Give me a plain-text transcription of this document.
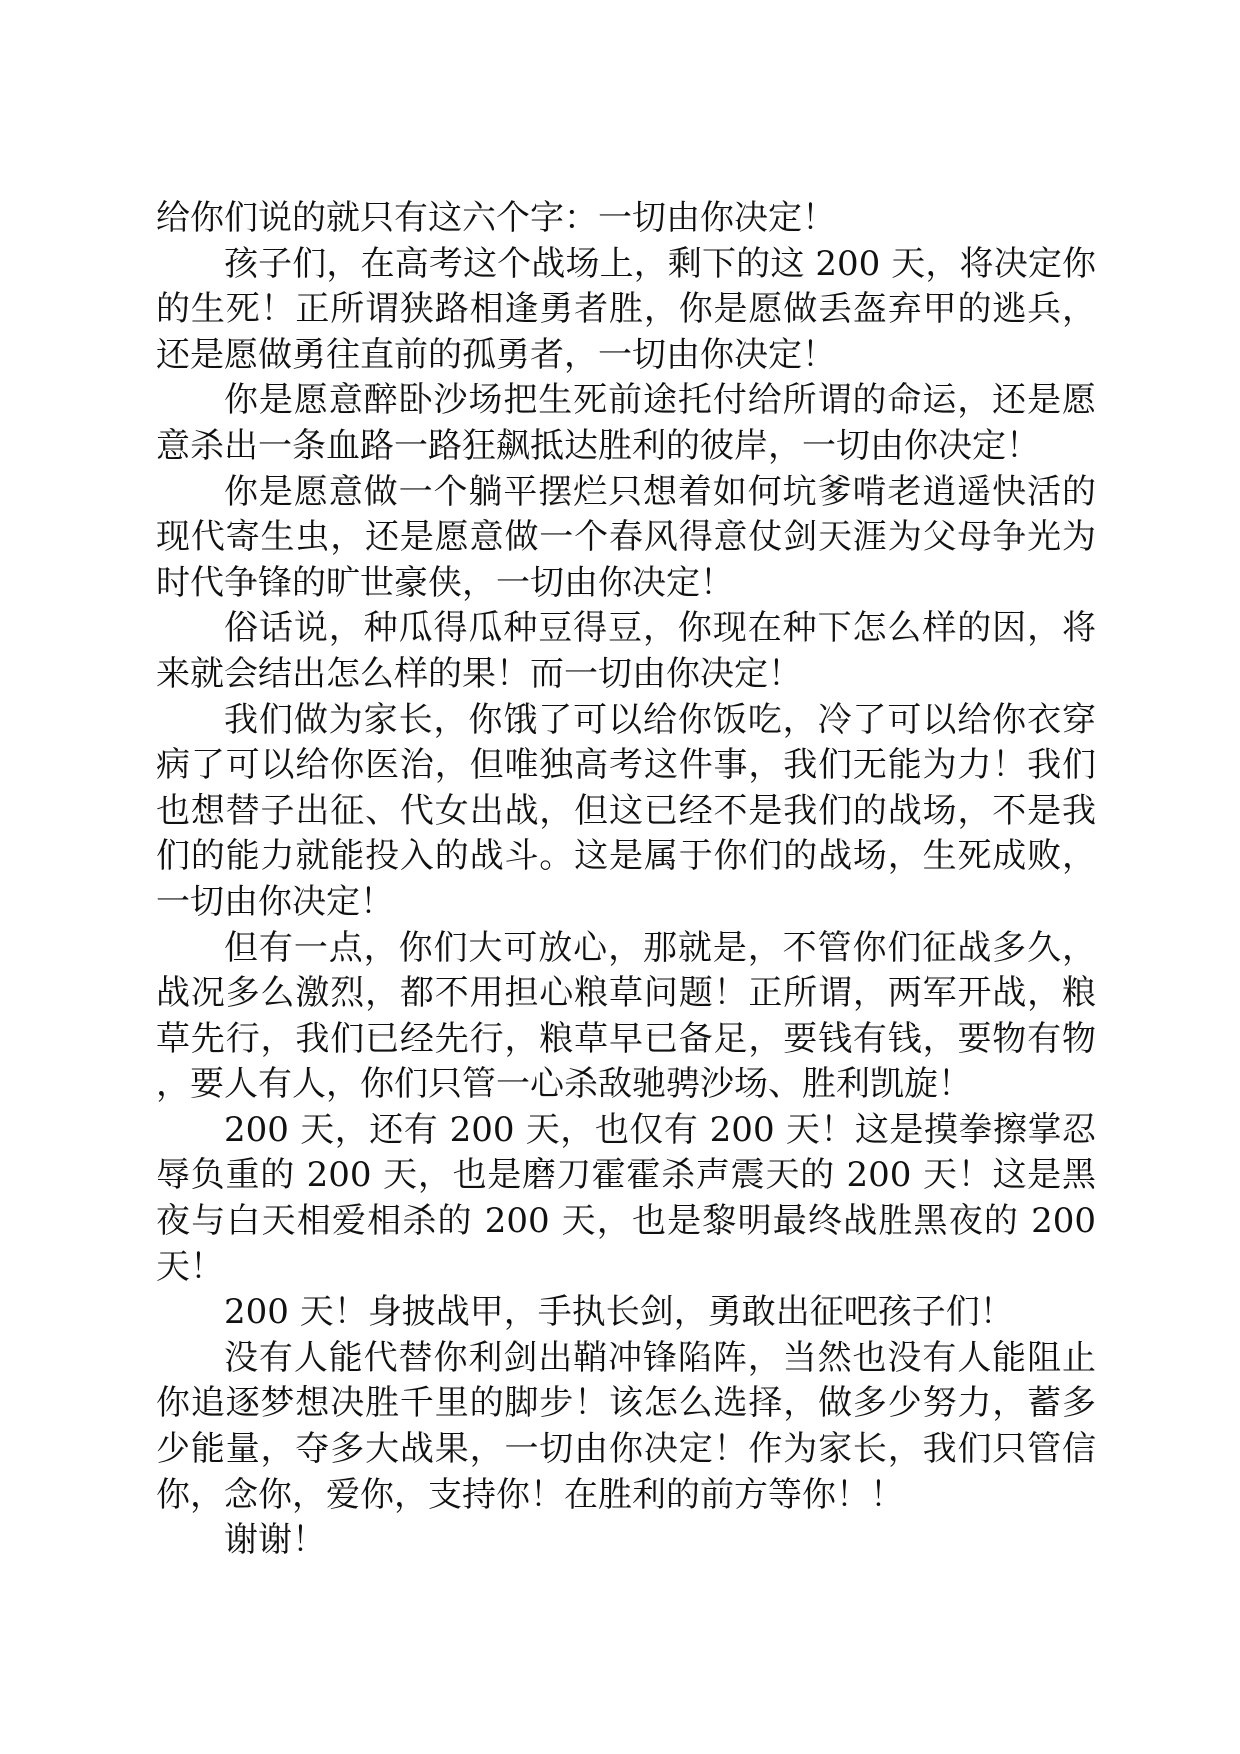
给你们说的就只有这六个字：一切由你决定！

孩子们，在高考这个战场上，剩下的这 200 天，将决定你的生死！正所谓狭路相逢勇者胜，你是愿做丢盔弃甲的逃兵，还是愿做勇往直前的孤勇者，一切由你决定！

你是愿意醉卧沙场把生死前途托付给所谓的命运，还是愿意杀出一条血路一路狂飙抵达胜利的彼岸，一切由你决定！

你是愿意做一个躺平摆烂只想着如何坑爹啃老逍遥快活的现代寄生虫，还是愿意做一个春风得意仗剑天涯为父母争光为时代争锋的旷世豪侠，一切由你决定！

俗话说，种瓜得瓜种豆得豆，你现在种下怎么样的因，将来就会结出怎么样的果！而一切由你决定！

我们做为家长，你饿了可以给你饭吃，冷了可以给你衣穿病了可以给你医治，但唯独高考这件事，我们无能为力！我们也想替子出征、代女出战，但这已经不是我们的战场，不是我们的能力就能投入的战斗。这是属于你们的战场，生死成败，一切由你决定！

但有一点，你们大可放心，那就是，不管你们征战多久，战况多么激烈，都不用担心粮草问题！正所谓，两军开战，粮草先行，我们已经先行，粮草早已备足，要钱有钱，要物有物，要人有人，你们只管一心杀敌驰骋沙场、胜利凯旋！

200 天，还有 200 天，也仅有 200 天！这是摸拳擦掌忍辱负重的 200 天，也是磨刀霍霍杀声震天的 200 天！这是黑夜与白天相爱相杀的 200 天，也是黎明最终战胜黑夜的 200 天！

200 天！身披战甲，手执长剑，勇敢出征吧孩子们！

没有人能代替你利剑出鞘冲锋陷阵，当然也没有人能阻止你追逐梦想决胜千里的脚步！该怎么选择，做多少努力，蓄多少能量，夺多大战果，一切由你决定！作为家长，我们只管信你，念你，爱你，支持你！在胜利的前方等你！！

谢谢！
